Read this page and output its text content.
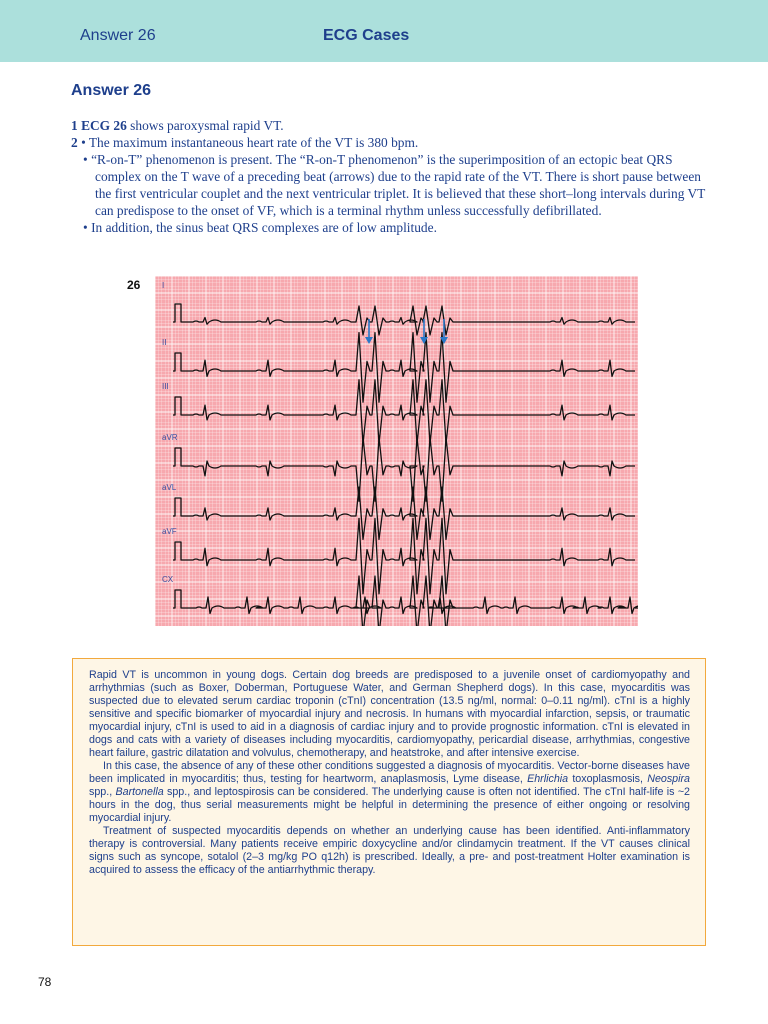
Answer 26	ECG Cases
Answer 26
1 ECG 26 shows paroxysmal rapid VT.
2 • The maximum instantaneous heart rate of the VT is 380 bpm.
• “R-on-T” phenomenon is present. The “R-on-T phenomenon” is the superimposition of an ectopic beat QRS complex on the T wave of a preceding beat (arrows) due to the rapid rate of the VT. There is short pause between the first ventricular couplet and the next ventricular triplet. It is believed that these short–long intervals during VT can predispose to the onset of VF, which is a terminal rhythm unless successfully defibrillated.
• In addition, the sinus beat QRS complexes are of low amplitude.
26	I
II
III
aVR
aVL
aVF
CX

Rapid VT is uncommon in young dogs. Certain dog breeds are predisposed to a juvenile onset of cardiomyopathy and arrhythmias (such as Boxer, Doberman, Portuguese Water, and German Shepherd dogs). In this case, myocarditis was suspected due to elevated serum cardiac troponin (cTnI) concentration (13.5 ng/ml, normal: 0–0.11 ng/ml). cTnI is a highly sensitive and specific biomarker of myocardial injury and necrosis. In humans with myocardial infarction, sepsis, or traumatic myocardial injury, cTnI is used to aid in a diagnosis of cardiac injury and to provide prognostic information. cTnI is elevated in dogs and cats with a variety of diseases including myocarditis, cardiomyopathy, pericardial disease, arrhythmias, congestive heart failure, gastric dilatation and volvulus, chemotherapy, and heatstroke, and after intensive exercise.

In this case, the absence of any of these other conditions suggested a diagnosis of myocarditis. Vector-borne diseases have been implicated in myocarditis; thus, testing for heartworm, anaplasmosis, Lyme disease, Ehrlichia toxoplasmosis, Neospira spp., Bartonella spp., and leptospirosis can be considered. The underlying cause is often not identified. The cTnI half-life is ~2 hours in the dog, thus serial measurements might be helpful in determining the presence of either ongoing or resolving myocardial injury.

Treatment of suspected myocarditis depends on whether an underlying cause has been identified. Anti-inflammatory therapy is controversial. Many patients receive empiric doxycycline and/or clindamycin treatment. If the VT causes clinical signs such as syncope, sotalol (2–3 mg/kg PO q12h) is prescribed. Ideally, a pre- and post-treatment Holter examination is acquired to assess the efficacy of the antiarrhythmic therapy.

78
